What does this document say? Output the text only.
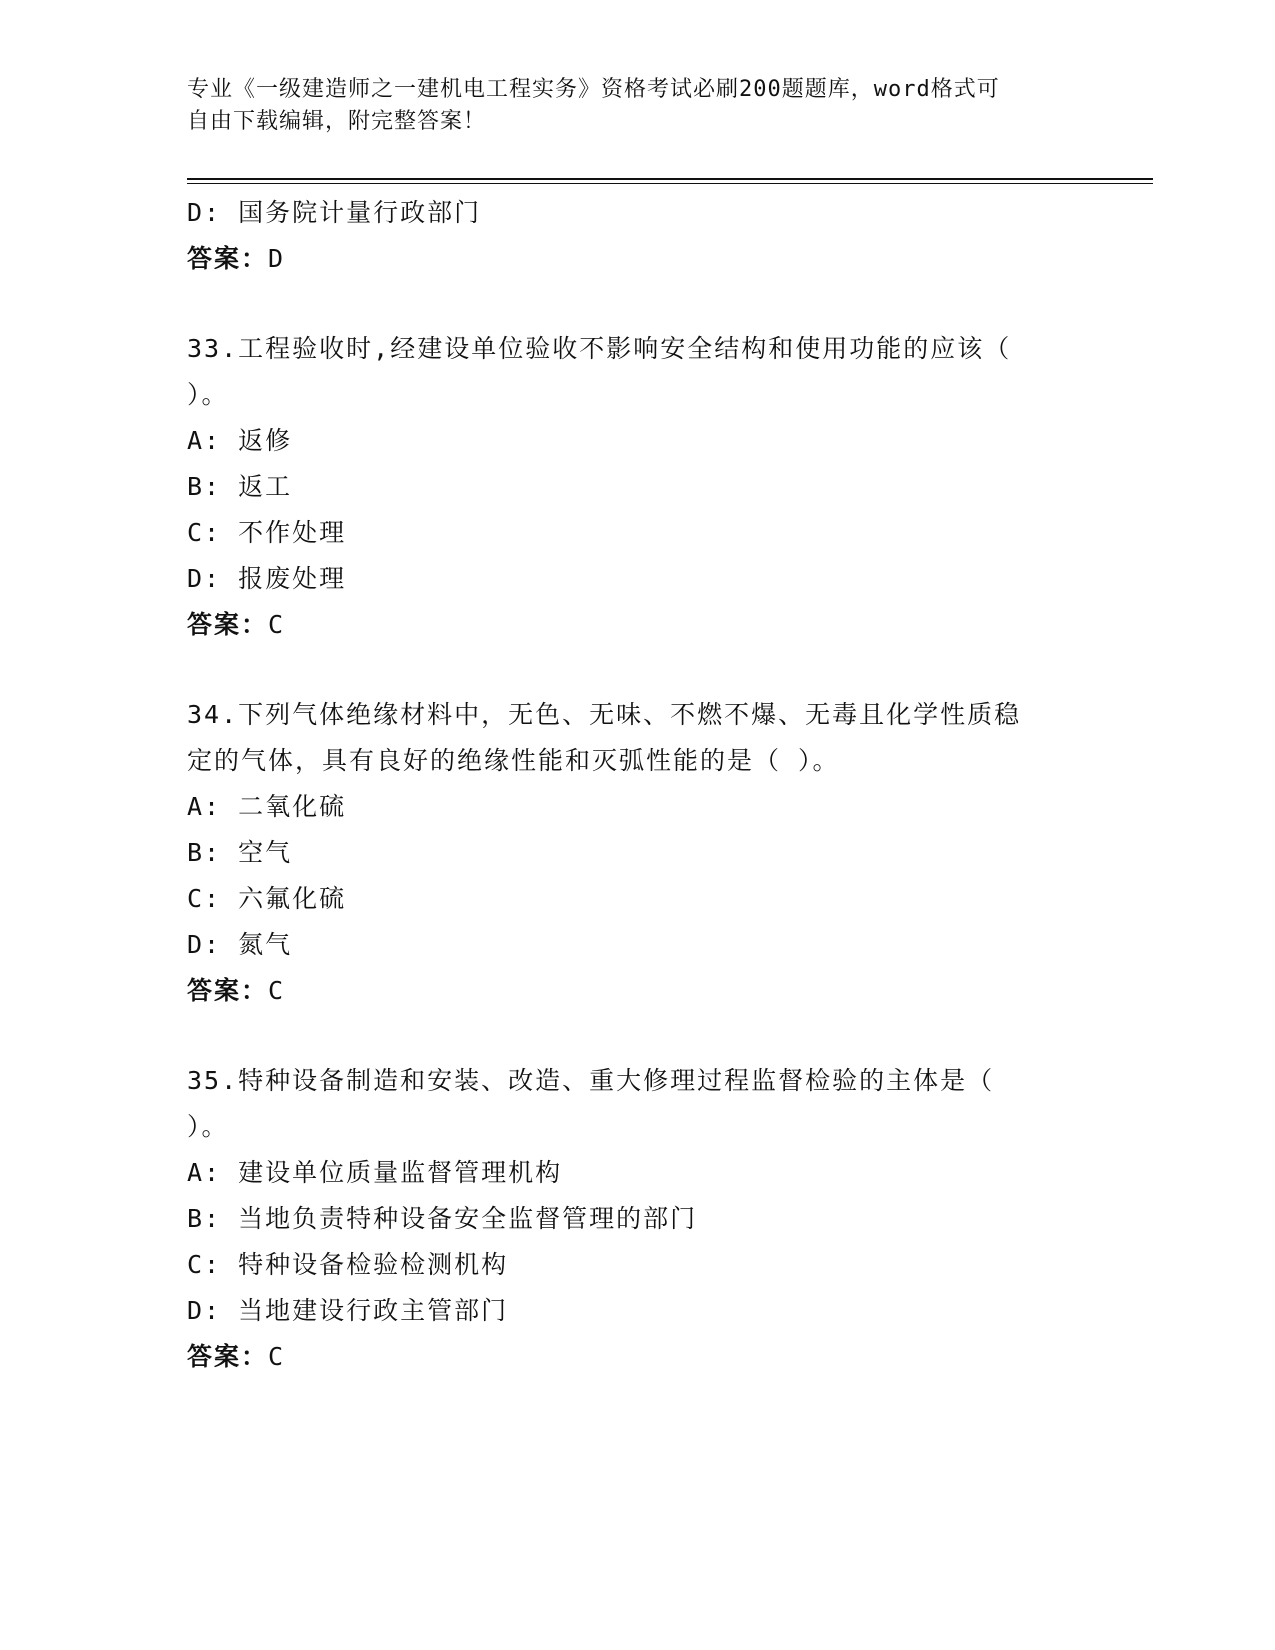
专业《一级建造师之一建机电工程实务》资格考试必刷200题题库，word格式可
自由下载编辑，附完整答案！
D: 国务院计量行政部门
答案：D
33.工程验收时,经建设单位验收不影响安全结构和使用功能的应该（
）。
A: 返修
B: 返工
C: 不作处理
D: 报废处理
答案：C
34.下列气体绝缘材料中，无色、无味、不燃不爆、无毒且化学性质稳
定的气体，具有良好的绝缘性能和灭弧性能的是（ ）。
A: 二氧化硫
B: 空气
C: 六氟化硫
D: 氮气
答案：C
35.特种设备制造和安装、改造、重大修理过程监督检验的主体是（
）。
A: 建设单位质量监督管理机构
B: 当地负责特种设备安全监督管理的部门
C: 特种设备检验检测机构
D: 当地建设行政主管部门
答案：C
